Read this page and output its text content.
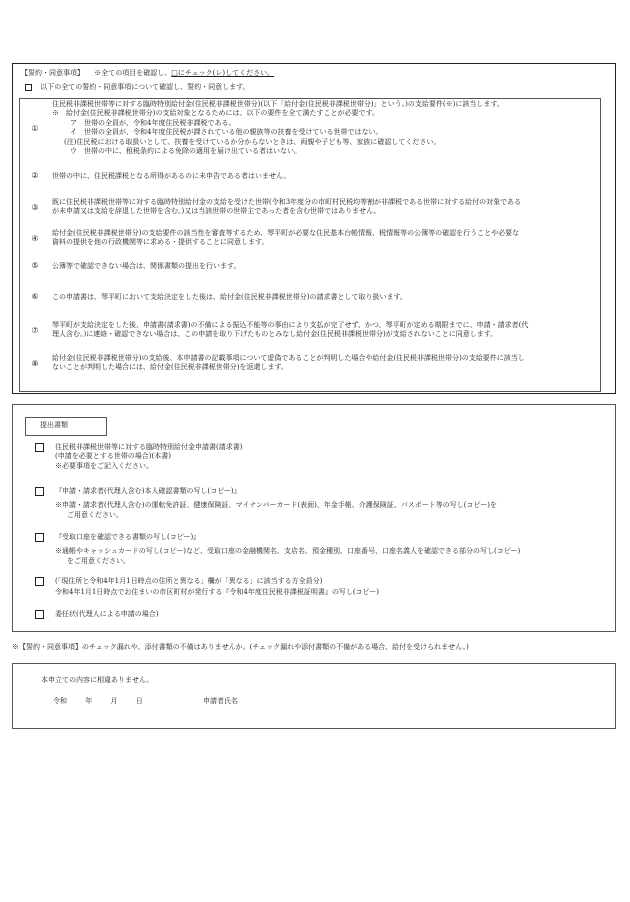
【誓約・同意事項】 ※全ての項目を確認し、□にチェック(レ)してください。
以下の全ての誓約・同意事項について確認し、誓約・同意します。
①

住民税非課税世帯等に対する臨時特別給付金(住民税非課税世帯分)(以下「給付金(住民税非課税世帯分)」という。)の支給要件(※)に該当します。

※　給付金(住民税非課税世帯分)の支給対象となるためには、以下の要件を全て満たすことが必要です。

ア　世帯の全員が、令和4年度住民税非課税である。

イ　世帯の全員が、令和4年度住民税が課されている他の親族等の扶養を受けている世帯ではない。

(注)住民税における取扱いとして、扶養を受けているか分からないときは、両親や子ども等、家族に確認してください。

ウ　世帯の中に、租税条約による免除の適用を届け出ている者はいない。

②	世帯の中に、住民税課税となる所得があるのに未申告である者はいません。

③

既に住民税非課税世帯等に対する臨時特別給付金の支給を受けた世帯(令和3年度分の市町村民税均等割が非課税である世帯に対する給付の対象である

が未申請又は支給を辞退した世帯を含む。)又は当該世帯の世帯主であった者を含む世帯ではありません。

④

給付金(住民税非課税世帯分)の支給要件の該当性を審査等するため、琴平町が必要な住民基本台帳情報、税情報等の公簿等の確認を行うことや必要な

資料の提供を他の行政機関等に求める・提供することに同意します。

⑤	公簿等で確認できない場合は、関係書類の提出を行います。

⑥	この申請書は、琴平町において支給決定をした後は、給付金(住民税非課税世帯分)の請求書として取り扱います。

⑦

琴平町が支給決定をした後、申請書(請求書)の不備による振込不能等の事由により支払が完了せず、かつ、琴平町が定める期限までに、申請・請求者(代

理人含む。)に連絡・確認できない場合は、この申請を取り下げたものとみなし給付金(住民税非課税世帯分)が支給されないことに同意します。

⑧

給付金(住民税非課税世帯分)の支給後、本申請書の記載事項について虚偽であることが判明した場合や給付金(住民税非課税世帯分)の支給要件に該当し

ないことが判明した場合には、給付金(住民税非課税世帯分)を返還します。

提出書類

住民税非課税世帯等に対する臨時特別給付金申請書(請求書)

(申請を必要とする世帯の場合)(本書)

※必要事項をご記入ください。

『申請・請求者(代理人含む)本人確認書類の写し(コピー)』

※申請・請求者(代理人含む)の運転免許証、健康保険証、マイナンバーカード(表面)、年金手帳、介護保険証、パスポート等の写し(コピー)を

ご用意ください。

『受取口座を確認できる書類の写し(コピー)』

※通帳やキャッシュカードの写し(コピー)など、受取口座の金融機関名、支店名、預金種別、口座番号、口座名義人を確認できる部分の写し(コピー)

をご用意ください。

(「現住所と令和4年1月1日時点の住所と異なる」欄が「異なる」に該当する方全員分)

令和4年1月1日時点でお住まいの市区町村が発行する『令和4年度住民税非課税証明書』の写し(コピー)

委任状(代理人による申請の場合)

※【誓約・同意事項】のチェック漏れや、添付書類の不備はありませんか。(チェック漏れや添付書類の不備がある場合、給付を受けられません。)
本申立ての内容に相違ありません。
令和	年	月	日	申請者氏名
